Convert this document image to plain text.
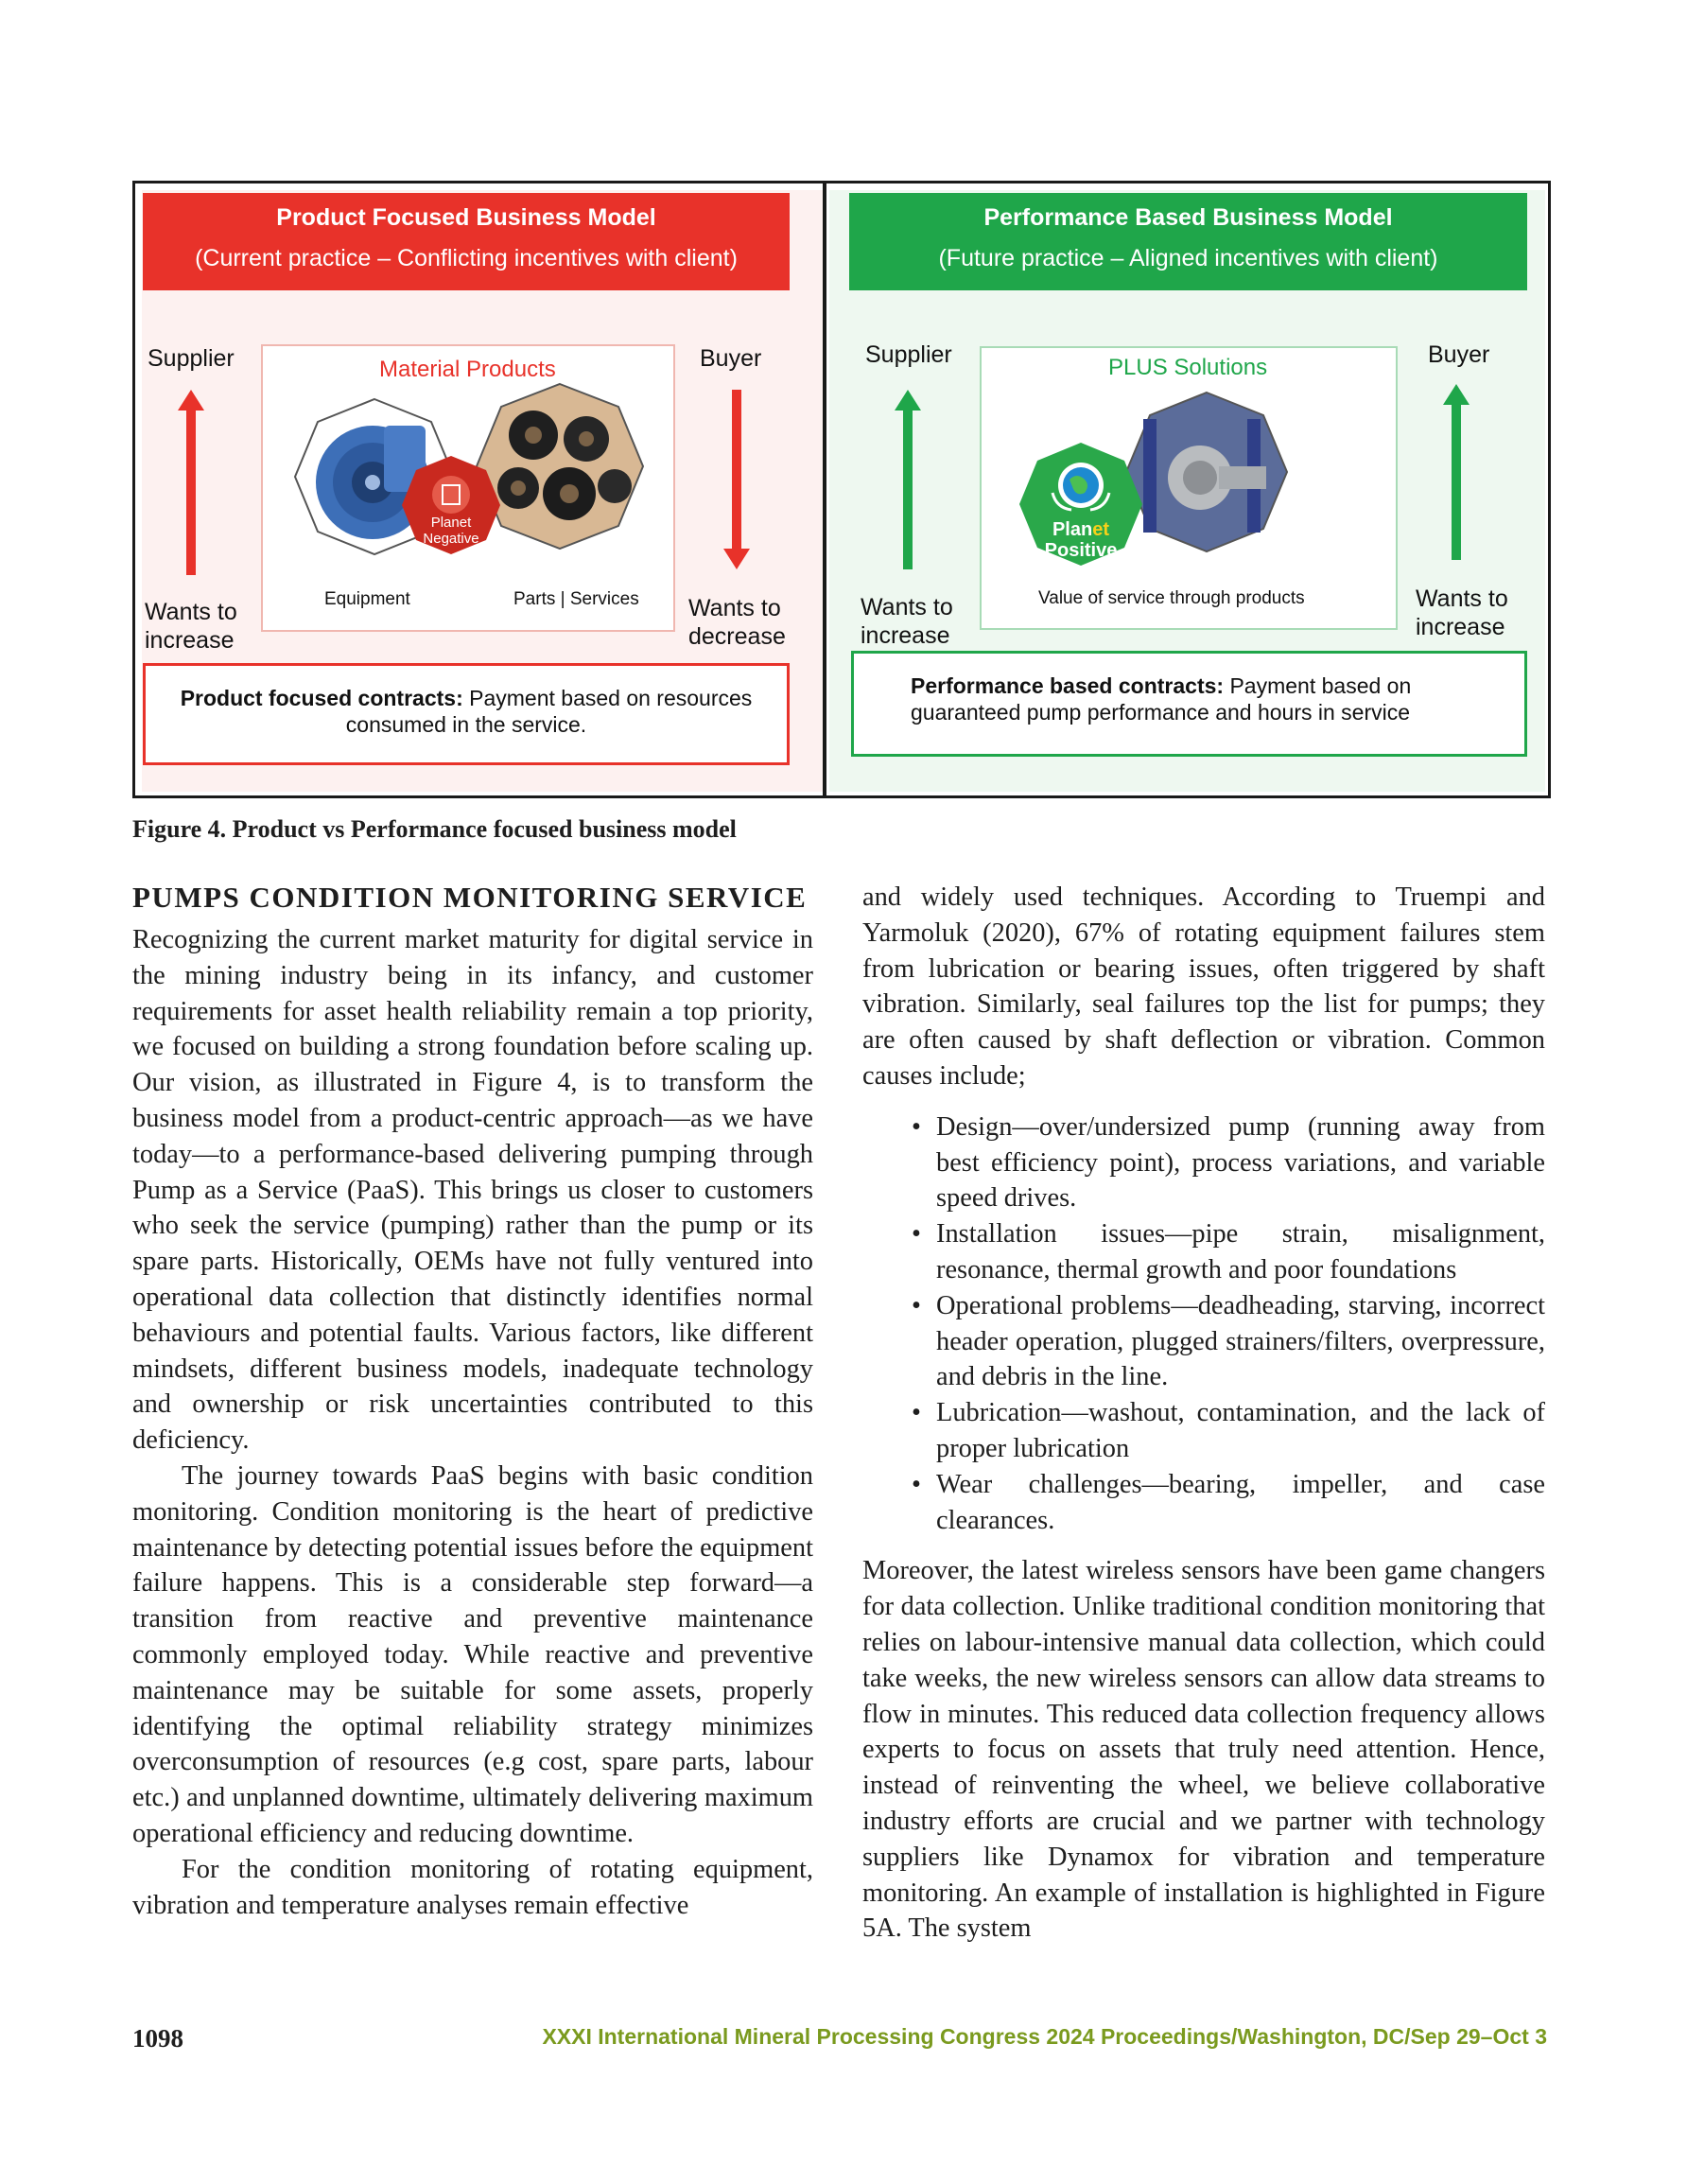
Product Focused Business Model
(Current practice – Conflicting incentives with client)
Supplier	Buyer
Material Products
Planet Negative
Equipment	Parts | Services
Wants to increase
Wants to decrease
Product focused contracts: Payment based on resources consumed in the service.
Performance Based Business Model
(Future practice – Aligned incentives with client)
Supplier	Buyer
PLUS Solutions
Planet
Positive
Value of service through products
Wants to increase
Wants to increase
Performance based contracts: Payment based on guaranteed pump performance and hours in service
Figure 4. Product vs Performance focused business model
PUMPS CONDITION MONITORING SERVICE

Recognizing the current market maturity for digital service in the mining industry being in its infancy, and customer requirements for asset health reliability remain a top priority, we focused on building a strong foundation before scaling up. Our vision, as illustrated in Figure 4, is to transform the business model from a product-centric approach—as we have today—to a performance-based delivering pumping through Pump as a Service (PaaS). This brings us closer to customers who seek the service (pumping) rather than the pump or its spare parts. Historically, OEMs have not fully ventured into operational data collection that distinctly identifies normal behaviours and potential faults. Various factors, like different mindsets, different business models, inadequate technology and ownership or risk uncertainties contributed to this deficiency.

The journey towards PaaS begins with basic condition monitoring. Condition monitoring is the heart of predictive maintenance by detecting potential issues before the equipment failure happens. This is a considerable step forward—a transition from reactive and preventive maintenance commonly employed today. While reactive and preventive maintenance may be suitable for some assets, properly identifying the optimal reliability strategy minimizes overconsumption of resources (e.g cost, spare parts, labour etc.) and unplanned downtime, ultimately delivering maximum operational efficiency and reducing downtime.

For the condition monitoring of rotating equipment, vibration and temperature analyses remain effective

and widely used techniques. According to Truempi and Yarmoluk (2020), 67% of rotating equipment failures stem from lubrication or bearing issues, often triggered by shaft vibration. Similarly, seal failures top the list for pumps; they are often caused by shaft deflection or vibration. Common causes include;

• Design—over/undersized pump (running away from best efficiency point), process variations, and variable speed drives.
• Installation issues—pipe strain, misalignment, resonance, thermal growth and poor foundations
• Operational problems—deadheading, starving, incorrect header operation, plugged strainers/filters, overpressure, and debris in the line.
• Lubrication—washout, contamination, and the lack of proper lubrication
• Wear challenges—bearing, impeller, and case clearances.

Moreover, the latest wireless sensors have been game changers for data collection. Unlike traditional condition monitoring that relies on labour-intensive manual data collection, which could take weeks, the new wireless sensors can allow data streams to flow in minutes. This reduced data collection frequency allows experts to focus on assets that truly need attention. Hence, instead of reinventing the wheel, we believe collaborative industry efforts are crucial and we partner with technology suppliers like Dynamox for vibration and temperature monitoring. An example of installation is highlighted in Figure 5A. The system

1098	XXXI International Mineral Processing Congress 2024 Proceedings/Washington, DC/Sep 29–Oct 3
